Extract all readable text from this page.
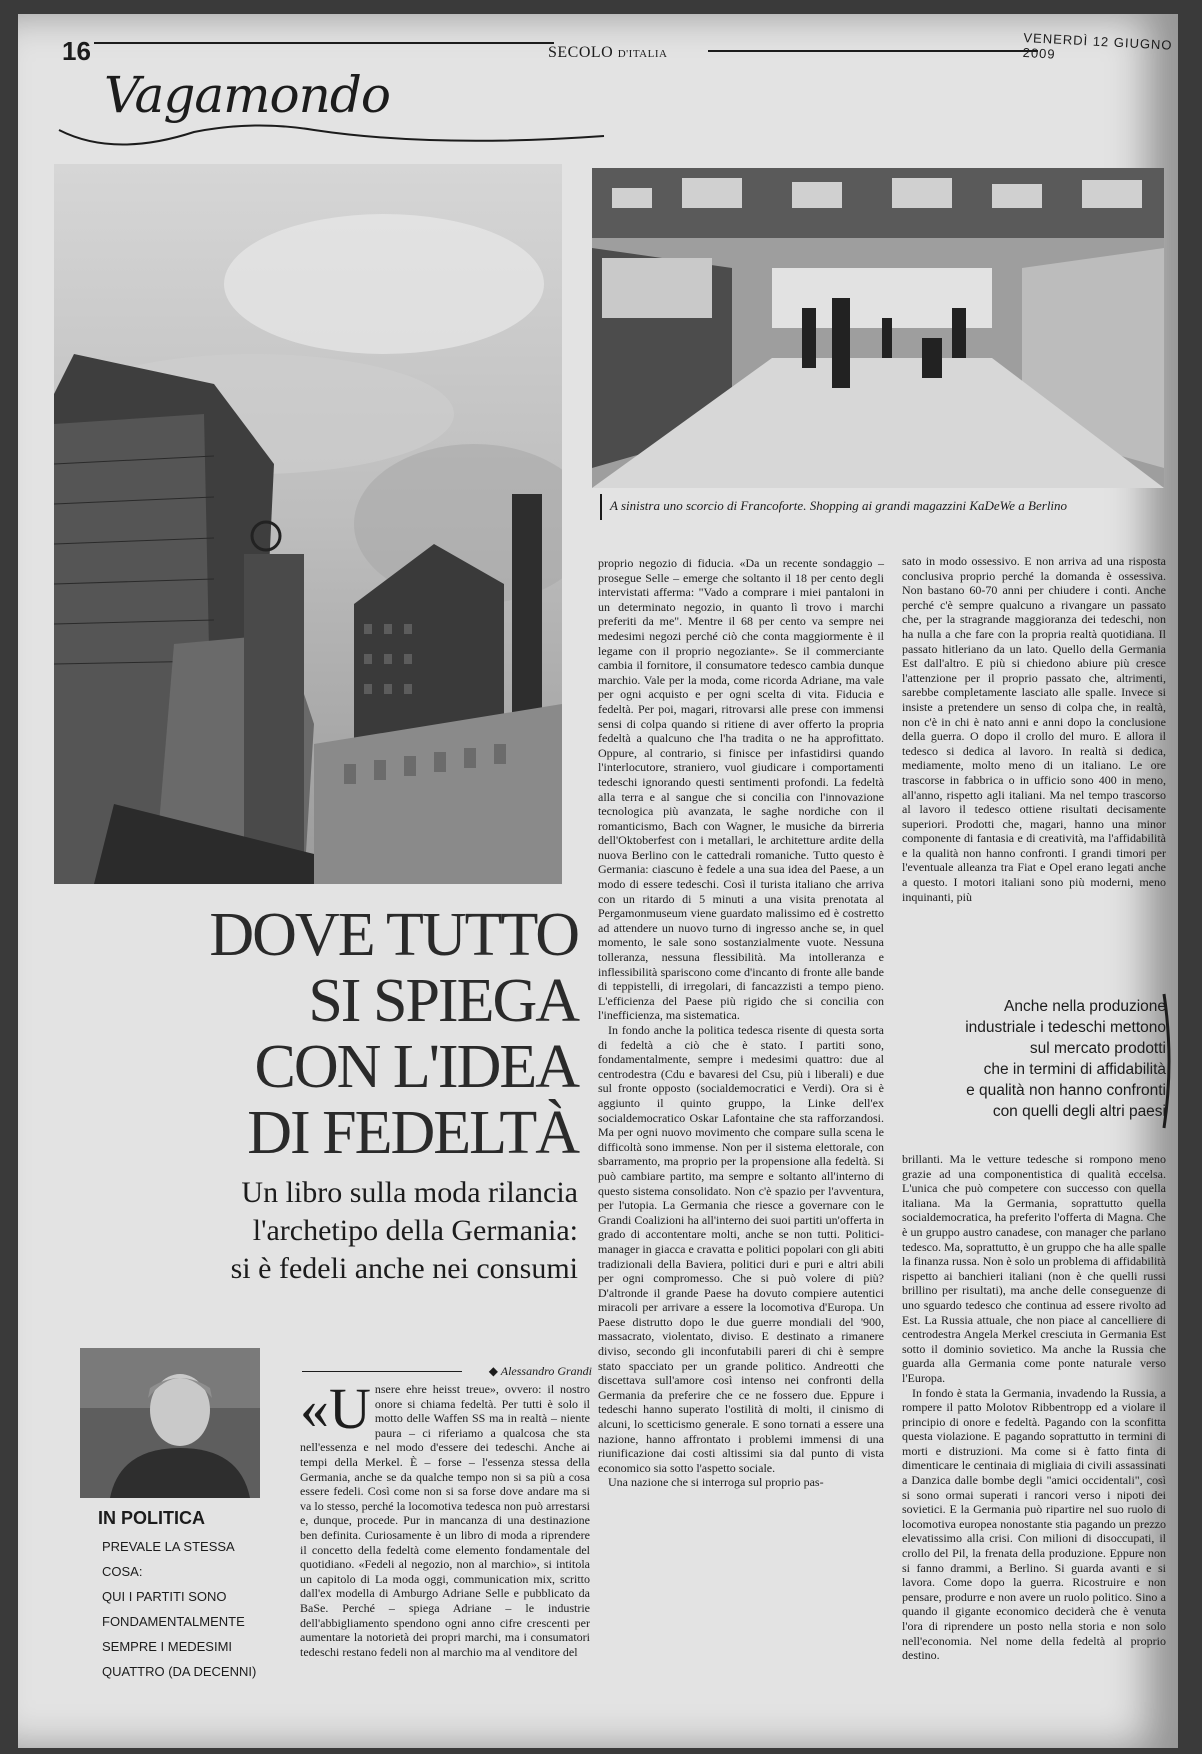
16	SECOLO D'ITALIA
VENERDÌ 12 GIUGNO 2009
Vagamondo
A sinistra uno scorcio di Francoforte. Shopping ai grandi magazzini KaDeWe a Berlino
DOVE TUTTO
SI SPIEGA
CON L'IDEA
DI FEDELTÀ
Un libro sulla moda rilancia
l'archetipo della Germania:
si è fedeli anche nei consumi
IN POLITICA
PREVALE LA STESSA COSA:
QUI I PARTITI SONO
FONDAMENTALMENTE
SEMPRE I MEDESIMI
QUATTRO (DA DECENNI)
◆ Alessandro Grandi
«U nsere ehre heisst treue», ovvero: il nostro onore si chiama fedeltà. Per tutti è solo il motto delle Waffen SS ma in realtà – niente paura – ci riferiamo a qualcosa che sta nell'essenza e nel modo d'essere dei tedeschi. Anche ai tempi della Merkel. È – forse – l'essenza stessa della Germania, anche se da qualche tempo non si sa più a cosa essere fedeli. Così come non si sa forse dove andare ma si va lo stesso, perché la locomotiva tedesca non può arrestarsi e, dunque, procede. Pur in mancanza di una destinazione ben definita. Curiosamente è un libro di moda a riprendere il concetto della fedeltà come elemento fondamentale del quotidiano. «Fedeli al negozio, non al marchio», si intitola un capitolo di La moda oggi, communication mix, scritto dall'ex modella di Amburgo Adriane Selle e pubblicato da BaSe. Perché – spiega Adriane – le industrie dell'abbigliamento spendono ogni anno cifre crescenti per aumentare la notorietà dei propri marchi, ma i consumatori tedeschi restano fedeli non al marchio ma al venditore del

proprio negozio di fiducia. «Da un recente sondaggio – prosegue Selle – emerge che soltanto il 18 per cento degli intervistati afferma: "Vado a comprare i miei pantaloni in un determinato negozio, in quanto lì trovo i marchi preferiti da me". Mentre il 68 per cento va sempre nei medesimi negozi perché ciò che conta maggiormente è il legame con il proprio negoziante». Se il commerciante cambia il fornitore, il consumatore tedesco cambia dunque marchio. Vale per la moda, come ricorda Adriane, ma vale per ogni acquisto e per ogni scelta di vita. Fiducia e fedeltà. Per poi, magari, ritrovarsi alle prese con immensi sensi di colpa quando si ritiene di aver offerto la propria fedeltà a qualcuno che l'ha tradita o ne ha approfittato. Oppure, al contrario, si finisce per infastidirsi quando l'interlocutore, straniero, vuol giudicare i comportamenti tedeschi ignorando questi sentimenti profondi. La fedeltà alla terra e al sangue che si concilia con l'innovazione tecnologica più avanzata, le saghe nordiche con il romanticismo, Bach con Wagner, le musiche da birreria dell'Oktoberfest con i metallari, le architetture ardite della nuova Berlino con le cattedrali romaniche. Tutto questo è Germania: ciascuno è fedele a una sua idea del Paese, a un modo di essere tedeschi. Così il turista italiano che arriva con un ritardo di 5 minuti a una visita prenotata al Pergamonmuseum viene guardato malissimo ed è costretto ad attendere un nuovo turno di ingresso anche se, in quel momento, le sale sono sostanzialmente vuote. Nessuna tolleranza, nessuna flessibilità. Ma intolleranza e inflessibilità spariscono come d'incanto di fronte alle bande di teppistelli, di irregolari, di fancazzisti a tempo pieno. L'efficienza del Paese più rigido che si concilia con l'inefficienza, ma sistematica.

In fondo anche la politica tedesca risente di questa sorta di fedeltà a ciò che è stato. I partiti sono, fondamentalmente, sempre i medesimi quattro: due al centrodestra (Cdu e bavaresi del Csu, più i liberali) e due sul fronte opposto (socialdemocratici e Verdi). Ora si è aggiunto il quinto gruppo, la Linke dell'ex socialdemocratico Oskar Lafontaine che sta rafforzandosi. Ma per ogni nuovo movimento che compare sulla scena le difficoltà sono immense. Non per il sistema elettorale, con sbarramento, ma proprio per la propensione alla fedeltà. Si può cambiare partito, ma sempre e soltanto all'interno di questo sistema consolidato. Non c'è spazio per l'avventura, per l'utopia. La Germania che riesce a governare con le Grandi Coalizioni ha all'interno dei suoi partiti un'offerta in grado di accontentare molti, anche se non tutti. Politici-manager in giacca e cravatta e politici popolari con gli abiti tradizionali della Baviera, politici duri e puri e altri abili per ogni compromesso. Che si può volere di più? D'altronde il grande Paese ha dovuto compiere autentici miracoli per arrivare a essere la locomotiva d'Europa. Un Paese distrutto dopo le due guerre mondiali del '900, massacrato, violentato, diviso. E destinato a rimanere diviso, secondo gli inconfutabili pareri di chi è sempre stato spacciato per un grande politico. Andreotti che discettava sull'amore così intenso nei confronti della Germania da preferire che ce ne fossero due. Eppure i tedeschi hanno superato l'ostilità di molti, il cinismo di alcuni, lo scetticismo generale. E sono tornati a essere una nazione, hanno affrontato i problemi immensi di una riunificazione dai costi altissimi sia dal punto di vista economico sia sotto l'aspetto sociale.

Una nazione che si interroga sul proprio pas-

sato in modo ossessivo. E non arriva ad una risposta conclusiva proprio perché la domanda è ossessiva. Non bastano 60-70 anni per chiudere i conti. Anche perché c'è sempre qualcuno a rivangare un passato che, per la stragrande maggioranza dei tedeschi, non ha nulla a che fare con la propria realtà quotidiana. Il passato hitleriano da un lato. Quello della Germania Est dall'altro. E più si chiedono abiure più cresce l'attenzione per il proprio passato che, altrimenti, sarebbe completamente lasciato alle spalle. Invece si insiste a pretendere un senso di colpa che, in realtà, non c'è in chi è nato anni e anni dopo la conclusione della guerra. O dopo il crollo del muro. E allora il tedesco si dedica al lavoro. In realtà si dedica, mediamente, molto meno di un italiano. Le ore trascorse in fabbrica o in ufficio sono 400 in meno, all'anno, rispetto agli italiani. Ma nel tempo trascorso al lavoro il tedesco ottiene risultati decisamente superiori. Prodotti che, magari, hanno una minor componente di fantasia e di creatività, ma l'affidabilità e la qualità non hanno confronti. I grandi timori per l'eventuale alleanza tra Fiat e Opel erano legati anche a questo. I motori italiani sono più moderni, meno inquinanti, più

Anche nella produzione
industriale i tedeschi mettono
sul mercato prodotti
che in termini di affidabilità
e qualità non hanno confronti
con quelli degli altri paesi

brillanti. Ma le vetture tedesche si rompono meno grazie ad una componentistica di qualità eccelsa. L'unica che può competere con successo con quella italiana. Ma la Germania, soprattutto quella socialdemocratica, ha preferito l'offerta di Magna. Che è un gruppo austro canadese, con manager che parlano tedesco. Ma, soprattutto, è un gruppo che ha alle spalle la finanza russa. Non è solo un problema di affidabilità rispetto ai banchieri italiani (non è che quelli russi brillino per risultati), ma anche delle conseguenze di uno sguardo tedesco che continua ad essere rivolto ad Est. La Russia attuale, che non piace al cancelliere di centrodestra Angela Merkel cresciuta in Germania Est sotto il dominio sovietico. Ma anche la Russia che guarda alla Germania come ponte naturale verso l'Europa.

In fondo è stata la Germania, invadendo la Russia, a rompere il patto Molotov Ribbentropp ed a violare il principio di onore e fedeltà. Pagando con la sconfitta questa violazione. E pagando soprattutto in termini di morti e distruzioni. Ma come si è fatto finta di dimenticare le centinaia di migliaia di civili assassinati a Danzica dalle bombe degli "amici occidentali", così si sono ormai superati i rancori verso i nipoti dei sovietici. E la Germania può ripartire nel suo ruolo di locomotiva europea nonostante stia pagando un prezzo elevatissimo alla crisi. Con milioni di disoccupati, il crollo del Pil, la frenata della produzione. Eppure non si fanno drammi, a Berlino. Si guarda avanti e si lavora. Come dopo la guerra. Ricostruire e non pensare, produrre e non avere un ruolo politico. Sino a quando il gigante economico deciderà che è venuta l'ora di riprendere un posto nella storia e non solo nell'economia. Nel nome della fedeltà al proprio destino.
